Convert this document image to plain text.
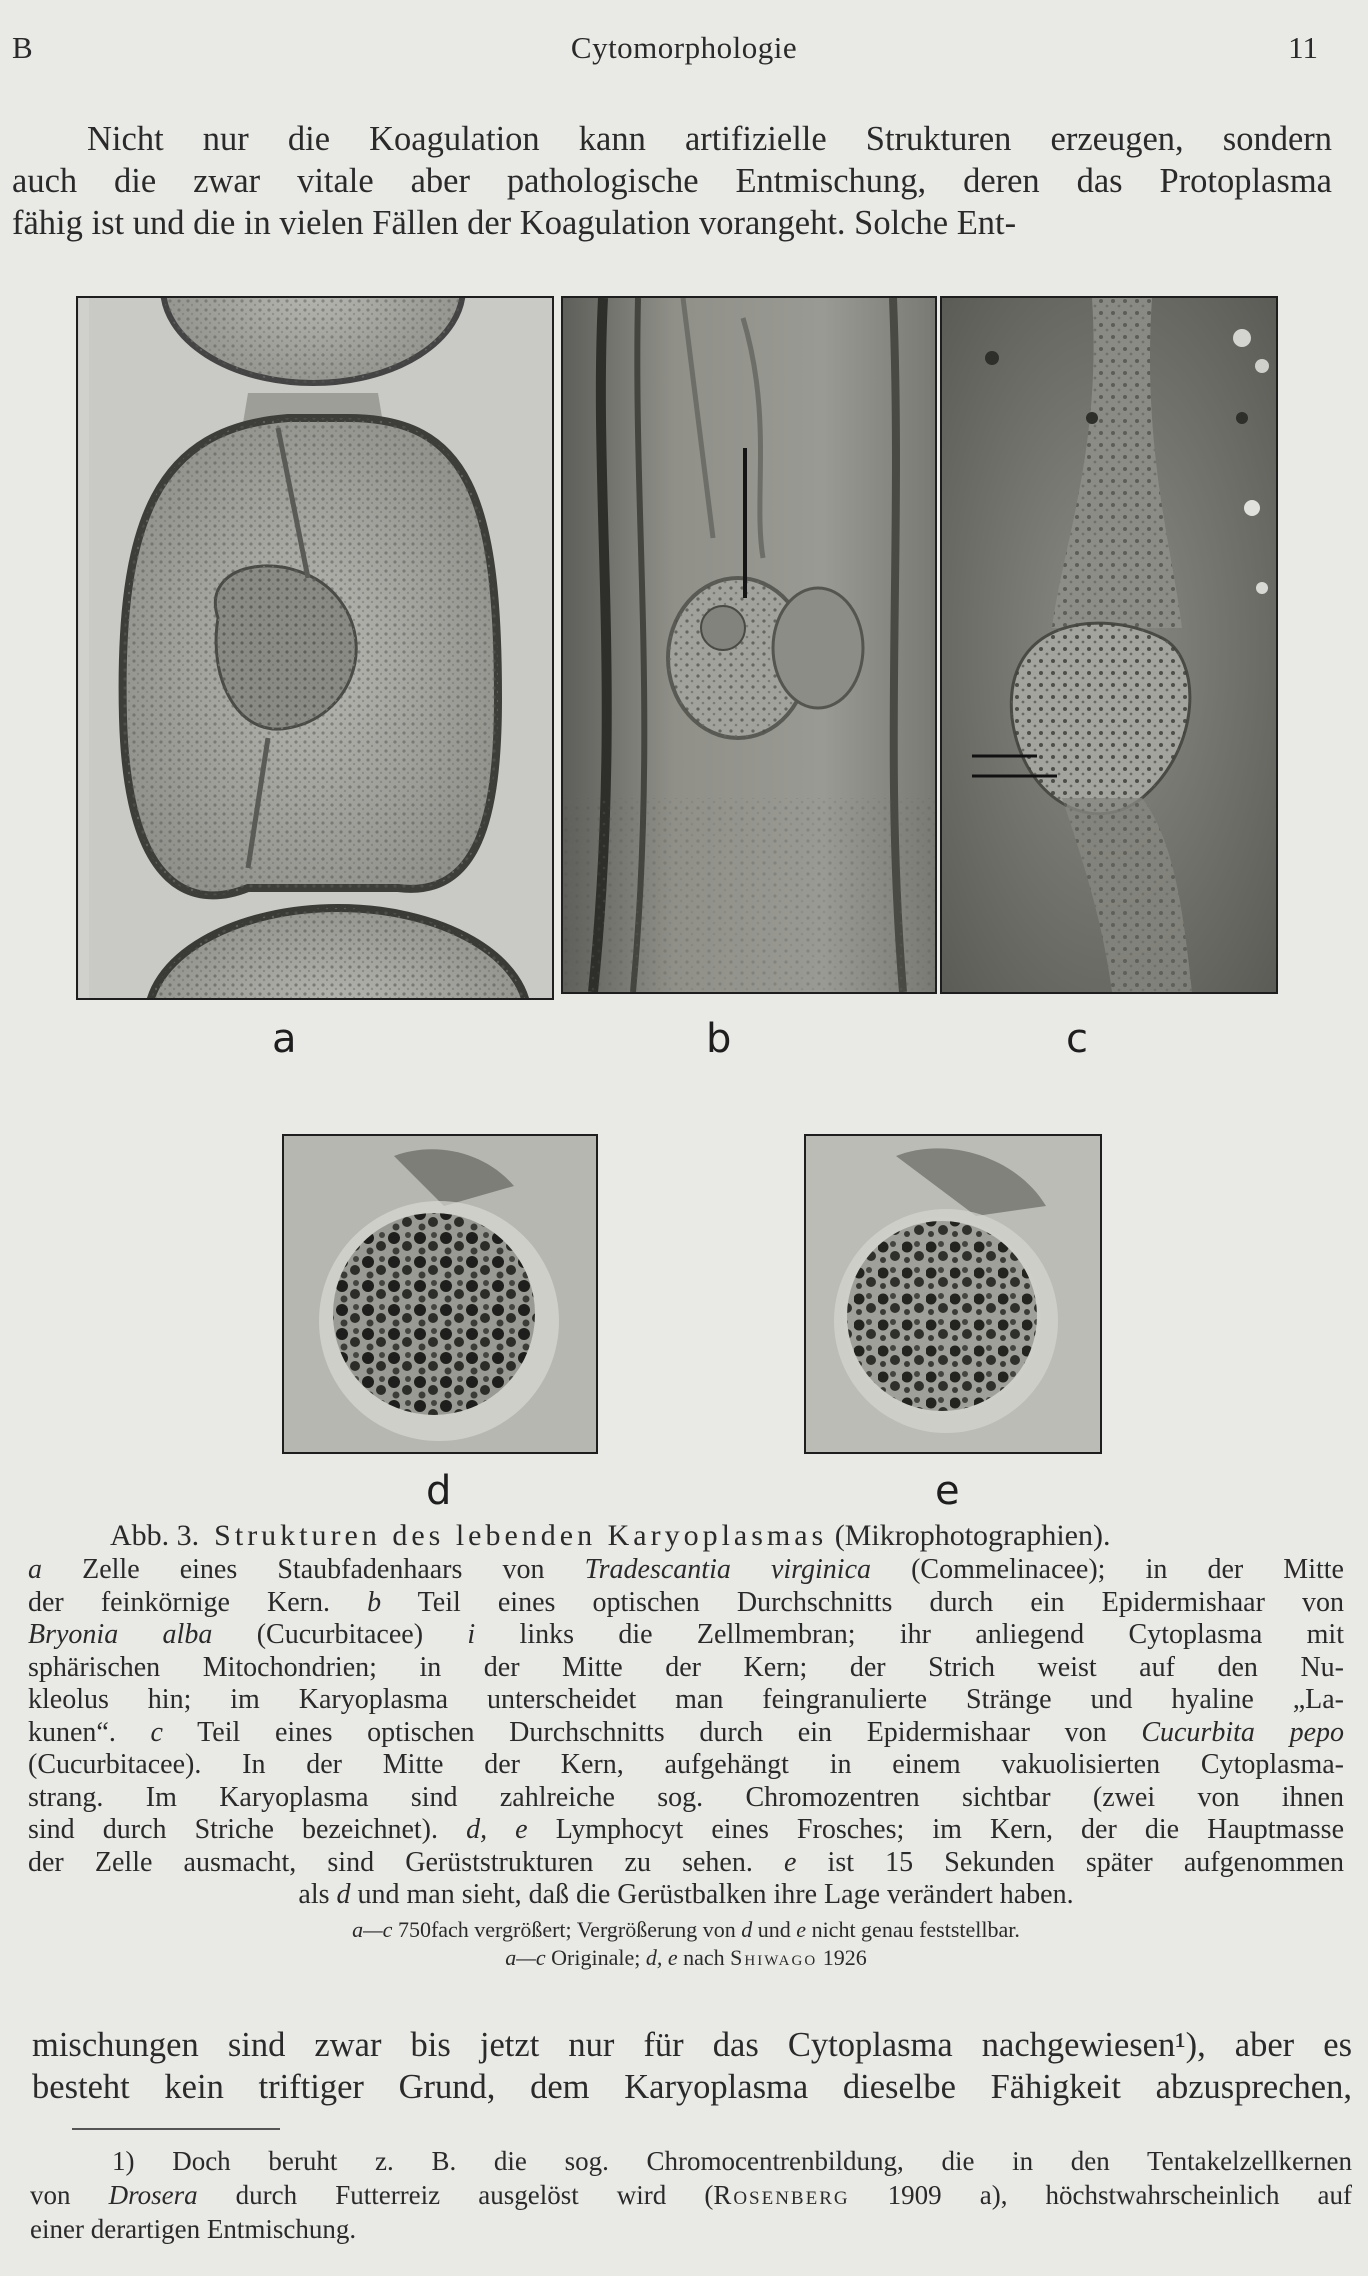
B	Cytomorphologie	11
Nicht nur die Koagulation kann artifizielle Strukturen erzeugen, sondern
auch die zwar vitale aber pathologische Entmischung, deren das Protoplasma
fähig ist und die in vielen Fällen der Koagulation vorangeht. Solche Ent-
a	b	c
d	e
Abb. 3. Strukturen des lebenden Karyoplasmas (Mikrophotographien).
a Zelle eines Staubfadenhaars von Tradescantia virginica (Commelinacee); in der Mitte
der feinkörnige Kern. b Teil eines optischen Durchschnitts durch ein Epidermishaar von
Bryonia alba (Cucurbitacee) i links die Zellmembran; ihr anliegend Cytoplasma mit
sphärischen Mitochondrien; in der Mitte der Kern; der Strich weist auf den Nu-
kleolus hin; im Karyoplasma unterscheidet man feingranulierte Stränge und hyaline „La-
kunen“. c Teil eines optischen Durchschnitts durch ein Epidermishaar von Cucurbita pepo
(Cucurbitacee). In der Mitte der Kern, aufgehängt in einem vakuolisierten Cytoplasma-
strang. Im Karyoplasma sind zahlreiche sog. Chromozentren sichtbar (zwei von ihnen
sind durch Striche bezeichnet). d, e Lymphocyt eines Frosches; im Kern, der die Hauptmasse
der Zelle ausmacht, sind Gerüststrukturen zu sehen. e ist 15 Sekunden später aufgenommen
als d und man sieht, daß die Gerüstbalken ihre Lage verändert haben.
a—c 750fach vergrößert; Vergrößerung von d und e nicht genau feststellbar.
a—c Originale; d, e nach Shiwago 1926
mischungen sind zwar bis jetzt nur für das Cytoplasma nachgewiesen¹), aber es
besteht kein triftiger Grund, dem Karyoplasma dieselbe Fähigkeit abzusprechen,
1) Doch beruht z. B. die sog. Chromocentrenbildung, die in den Tentakelzellkernen
von Drosera durch Futterreiz ausgelöst wird (Rosenberg 1909 a), höchstwahrscheinlich auf
einer derartigen Entmischung.
